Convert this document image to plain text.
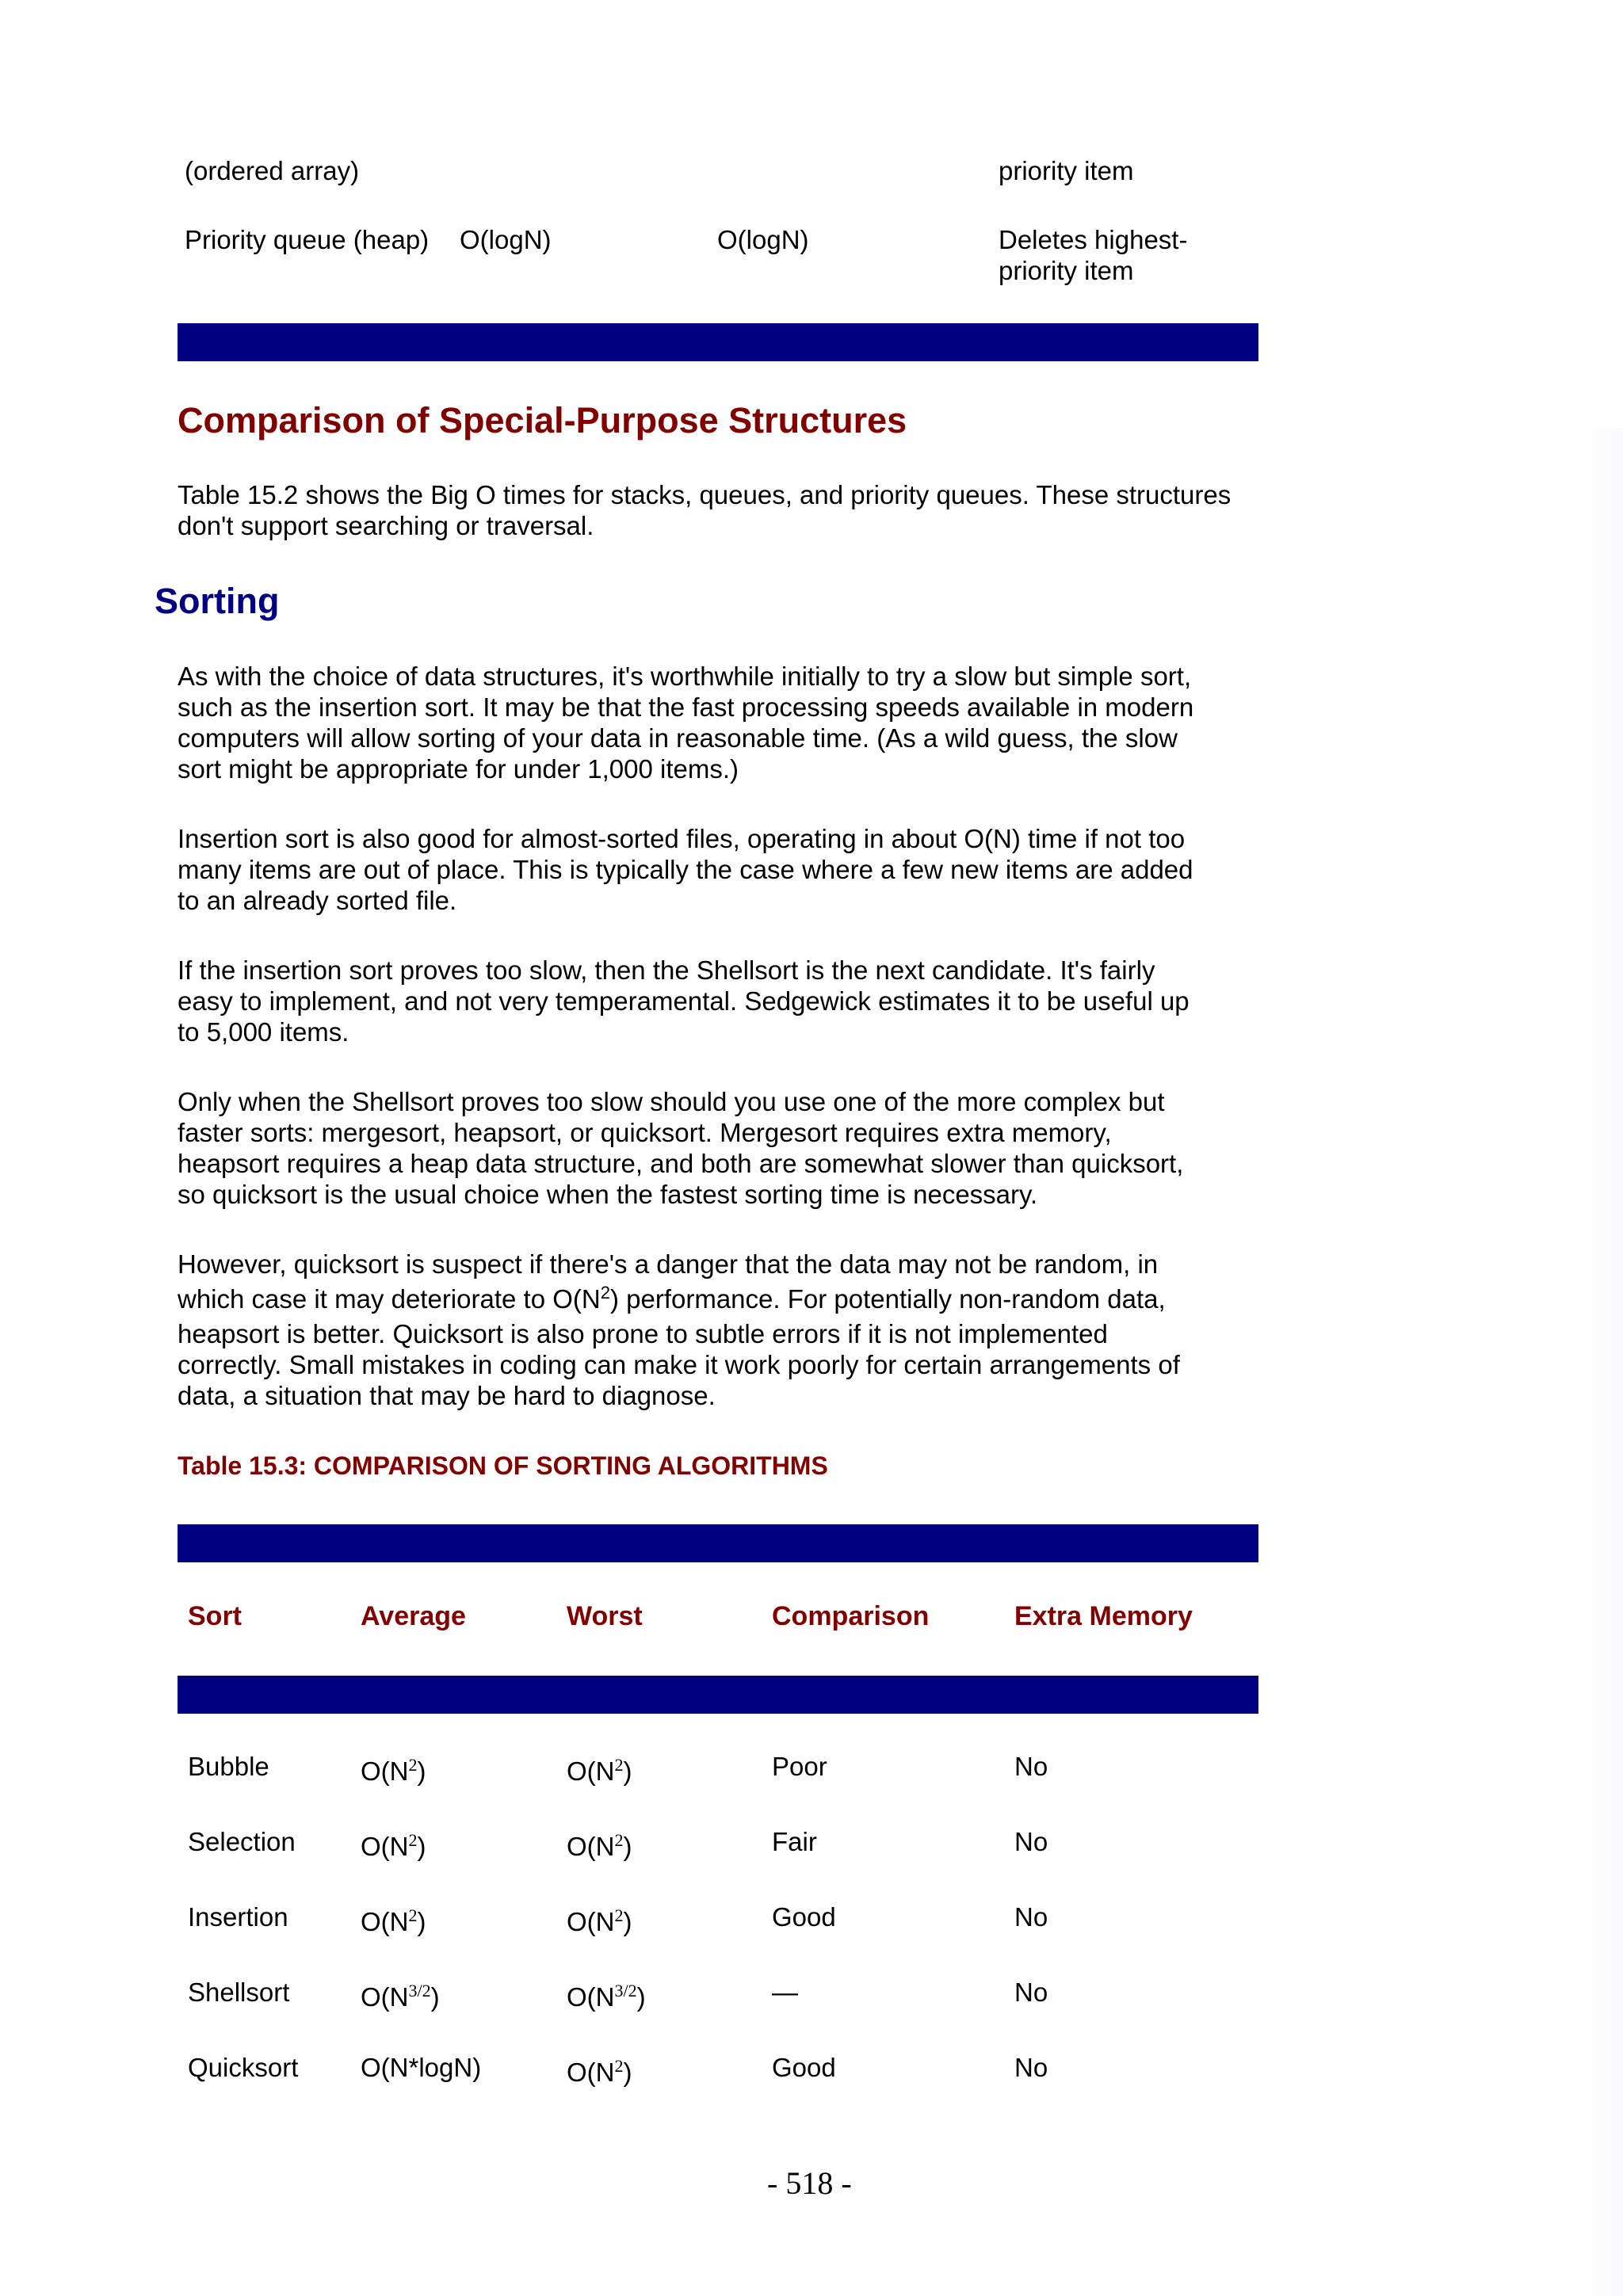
(ordered array)	priority item
Priority queue (heap) O(logN)	O(logN)	Deletes highest-
priority item
Comparison of Special-Purpose Structures
Table 15.2 shows the Big O times for stacks, queues, and priority queues. These structures
don't support searching or traversal.
Sorting
As with the choice of data structures, it's worthwhile initially to try a slow but simple sort,
such as the insertion sort. It may be that the fast processing speeds available in modern
computers will allow sorting of your data in reasonable time. (As a wild guess, the slow
sort might be appropriate for under 1,000 items.)
Insertion sort is also good for almost-sorted files, operating in about O(N) time if not too
many items are out of place. This is typically the case where a few new items are added
to an already sorted file.
If the insertion sort proves too slow, then the Shellsort is the next candidate. It's fairly
easy to implement, and not very temperamental. Sedgewick estimates it to be useful up
to 5,000 items.
Only when the Shellsort proves too slow should you use one of the more complex but
faster sorts: mergesort, heapsort, or quicksort. Mergesort requires extra memory,
heapsort requires a heap data structure, and both are somewhat slower than quicksort,
so quicksort is the usual choice when the fastest sorting time is necessary.
However, quicksort is suspect if there's a danger that the data may not be random, in
which case it may deteriorate to $O(N^2)$ performance. For potentially non-random data,
heapsort is better. Quicksort is also prone to subtle errors if it is not implemented
correctly. Small mistakes in coding can make it work poorly for certain arrangements of
data, a situation that may be hard to diagnose.
Table 15.3: COMPARISON OF SORTING ALGORITHMS
Sort	Average	Worst	Comparison	Extra Memory
Bubble	$O(N^2)$	$O(N^2)$	Poor	No
Selection $O(N^2)$	$O(N^2)$	Fair	No
Insertion	$O(N^2)$	$O(N^2)$	Good	No
Shellsort	$O(N^{3/2})$	$O(N^{3/2})$	—	No
Quicksort O(N*logN)	$O(N^2)$	Good	No
- 518 -
